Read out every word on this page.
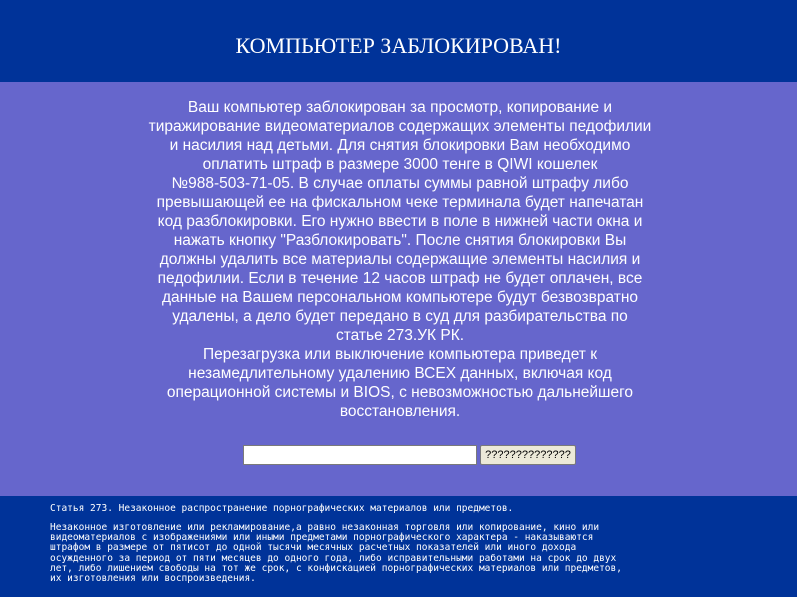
КОМПЬЮТЕР ЗАБЛОКИРОВАН!

Ваш компьютер заблокирован за просмотр, копирование и

тиражирование видеоматериалов содержащих элементы педофилии

и насилия над детьми. Для снятия блокировки Вам необходимо

оплатить штраф в размере 3000 тенге в QIWI кошелек

№988-503-71-05. В случае оплаты суммы равной штрафу либо

превышающей ее на фискальном чеке терминала будет напечатан

код разблокировки. Его нужно ввести в поле в нижней части окна и

нажать кнопку "Разблокировать". После снятия блокировки Вы

должны удалить все материалы содержащие элементы насилия и

педофилии. Если в течение 12 часов штраф не будет оплачен, все

данные на Вашем персональном компьютере будут безвозвратно

удалены, а дело будет передано в суд для разбирательства по

статье 273.УК РК.

Перезагрузка или выключение компьютера приведет к

незамедлительному удалению ВСЕХ данных, включая код

операционной системы и BIOS, с невозможностью дальнейшего

восстановления.

??????????????
Статья 273. Незаконное распространение порнографических материалов или предметов.
Незаконное изготовление или рекламирование,а равно незаконная торговля или копирование, кино или
видеоматериалов с изображениями или иными предметами порнографического характера - наказываются
штрафом в размере от пятисот до одной тысячи месячных расчетных показателей или иного дохода
осужденного за период от пяти месяцев до одного года, либо исправительными работами на срок до двух
лет, либо лишением свободы на тот же срок, с конфискацией порнографических материалов или предметов,
их изготовления или воспроизведения.
